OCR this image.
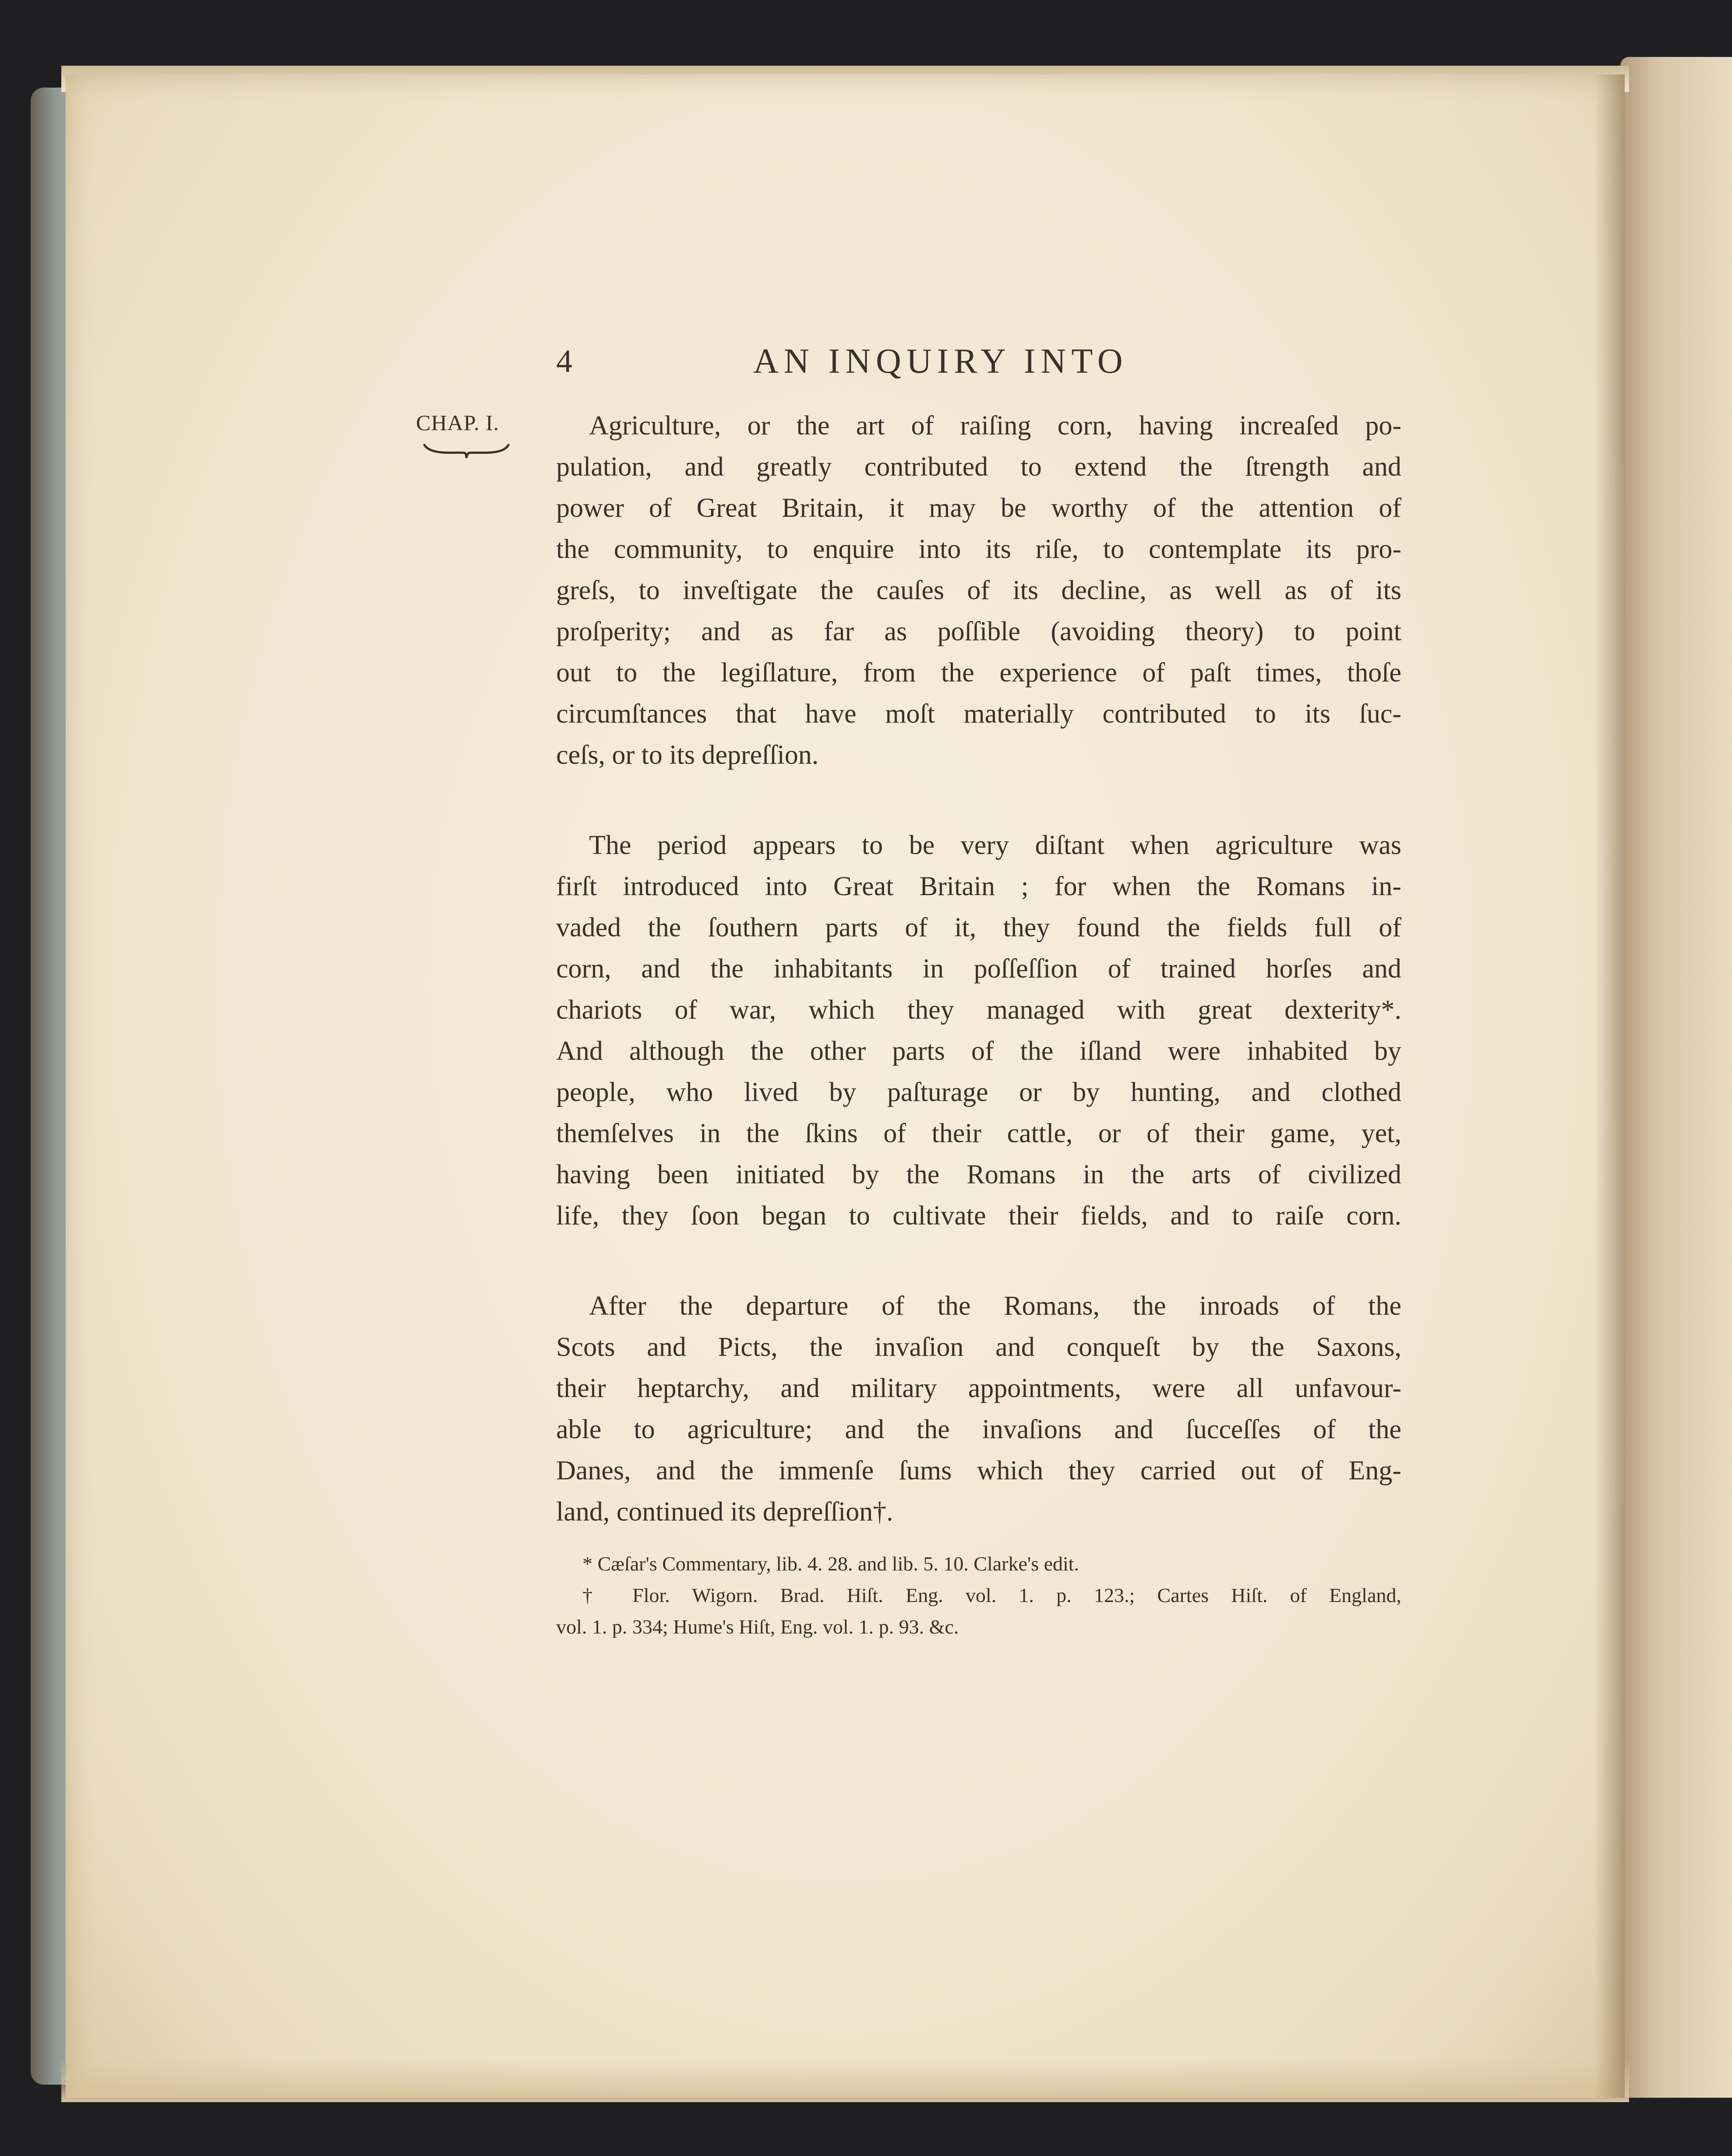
4	AN INQUIRY INTO
CHAP. I.	Agriculture, or the art of raiſing corn, having increaſed po-
pulation, and greatly contributed to extend the ſtrength and
power of Great Britain, it may be worthy of the attention of
the community, to enquire into its riſe, to contemplate its pro-
greſs, to inveſtigate the cauſes of its decline, as well as of its
proſperity; and as far as poſſible (avoiding theory) to point
out to the legiſlature, from the experience of paſt times, thoſe
circumſtances that have moſt materially contributed to its ſuc-
ceſs, or to its depreſſion.
The period appears to be very diſtant when agriculture was
firſt introduced into Great Britain ; for when the Romans in-
vaded the ſouthern parts of it, they found the fields full of
corn, and the inhabitants in poſſeſſion of trained horſes and
chariots of war, which they managed with great dexterity*.
And although the other parts of the iſland were inhabited by
people, who lived by paſturage or by hunting, and clothed
themſelves in the ſkins of their cattle, or of their game, yet,
having been initiated by the Romans in the arts of civilized
life, they ſoon began to cultivate their fields, and to raiſe corn.
After the departure of the Romans, the inroads of the
Scots and Picts, the invaſion and conqueſt by the Saxons,
their heptarchy, and military appointments, were all unfavour-
able to agriculture; and the invaſions and ſucceſſes of the
Danes, and the immenſe ſums which they carried out of Eng-
land, continued its depreſſion†.
* Cæſar's Commentary, lib. 4. 28. and lib. 5. 10. Clarke's edit.
† Flor. Wigorn. Brad. Hiſt. Eng. vol. 1. p. 123.; Cartes Hiſt. of England,
vol. 1. p. 334; Hume's Hiſt, Eng. vol. 1. p. 93. &c.
